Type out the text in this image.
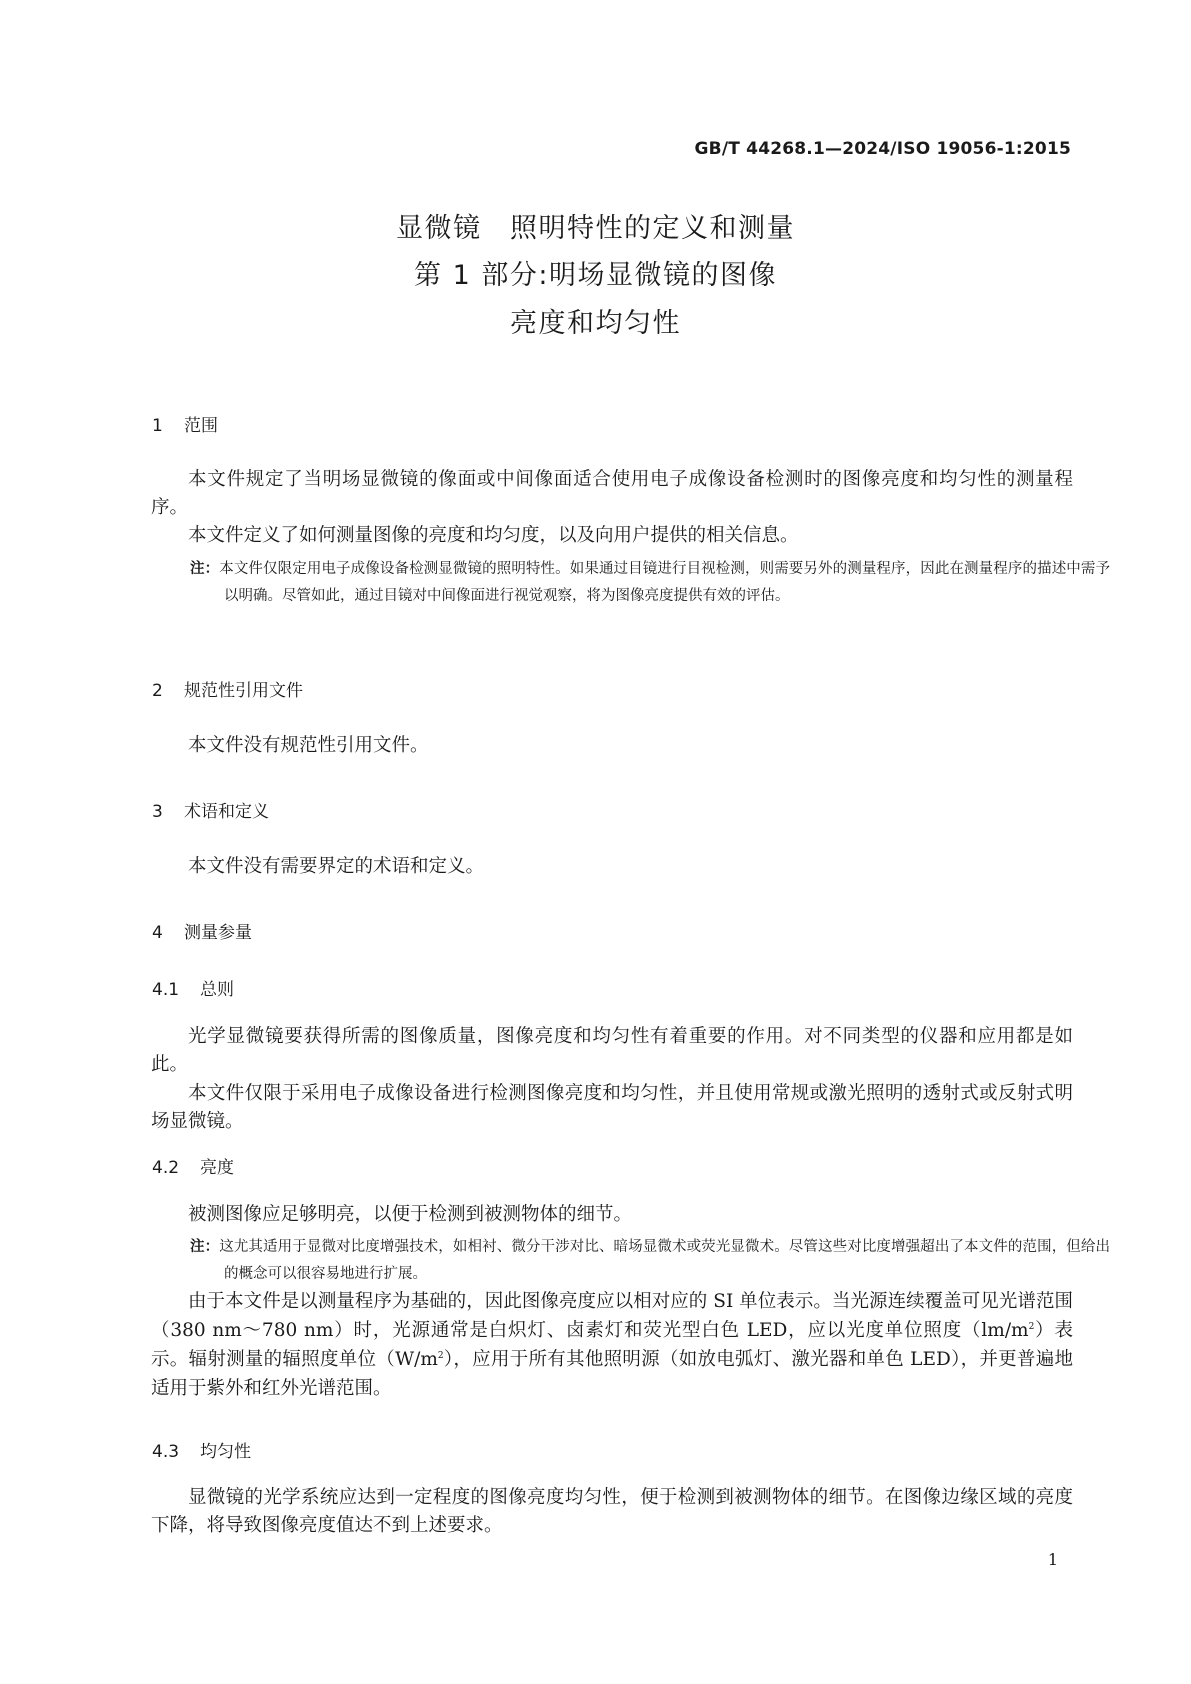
GB/T 44268.1—2024/ISO 19056-1:2015
显微镜　照明特性的定义和测量
第 1 部分:明场显微镜的图像
亮度和均匀性
1 范围
本文件规定了当明场显微镜的像面或中间像面适合使用电子成像设备检测时的图像亮度和均匀性的测量程序。
本文件定义了如何测量图像的亮度和均匀度，以及向用户提供的相关信息。
注：本文件仅限定用电子成像设备检测显微镜的照明特性。如果通过目镜进行目视检测，则需要另外的测量程序，因此在测量程序的描述中需予以明确。尽管如此，通过目镜对中间像面进行视觉观察，将为图像亮度提供有效的评估。
2 规范性引用文件
本文件没有规范性引用文件。
3 术语和定义
本文件没有需要界定的术语和定义。
4 测量参量
4.1 总则
光学显微镜要获得所需的图像质量，图像亮度和均匀性有着重要的作用。对不同类型的仪器和应用都是如此。
本文件仅限于采用电子成像设备进行检测图像亮度和均匀性，并且使用常规或激光照明的透射式或反射式明场显微镜。
4.2 亮度
被测图像应足够明亮，以便于检测到被测物体的细节。
注：这尤其适用于显微对比度增强技术，如相衬、微分干涉对比、暗场显微术或荧光显微术。尽管这些对比度增强超出了本文件的范围，但给出的概念可以很容易地进行扩展。
由于本文件是以测量程序为基础的，因此图像亮度应以相对应的 SI 单位表示。当光源连续覆盖可见光谱范围（380 nm～780 nm）时，光源通常是白炽灯、卤素灯和荧光型白色 LED，应以光度单位照度$(lm/m^2)$表示。辐射测量的辐照度单位$(W/m^2)$，应用于所有其他照明源（如放电弧灯、激光器和单色 LED），并更普遍地适用于紫外和红外光谱范围。
4.3 均匀性
显微镜的光学系统应达到一定程度的图像亮度均匀性，便于检测到被测物体的细节。在图像边缘区域的亮度下降，将导致图像亮度值达不到上述要求。
1
